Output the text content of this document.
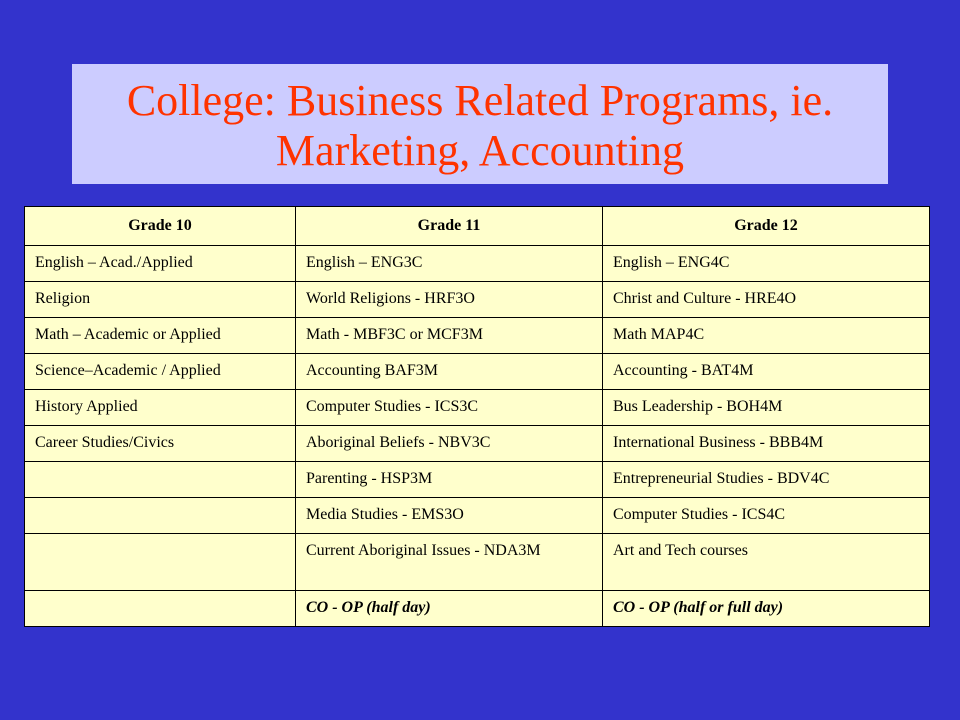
College: Business Related Programs, ie.
Marketing, Accounting
Grade 10	Grade 11	Grade 12
English – Acad./Applied	English – ENG3C	English – ENG4C
Religion	World Religions - HRF3O	Christ and Culture - HRE4O
Math – Academic or Applied	Math - MBF3C or MCF3M	Math MAP4C
Science–Academic / Applied	Accounting BAF3M	Accounting - BAT4M
History Applied	Computer Studies - ICS3C	Bus Leadership - BOH4M
Career Studies/Civics	Aboriginal Beliefs - NBV3C	International Business - BBB4M
	Parenting - HSP3M	Entrepreneurial Studies - BDV4C
	Media Studies - EMS3O	Computer Studies - ICS4C
	Current Aboriginal Issues - NDA3M	Art and Tech courses
	CO - OP (half day)	CO - OP (half or full day)
